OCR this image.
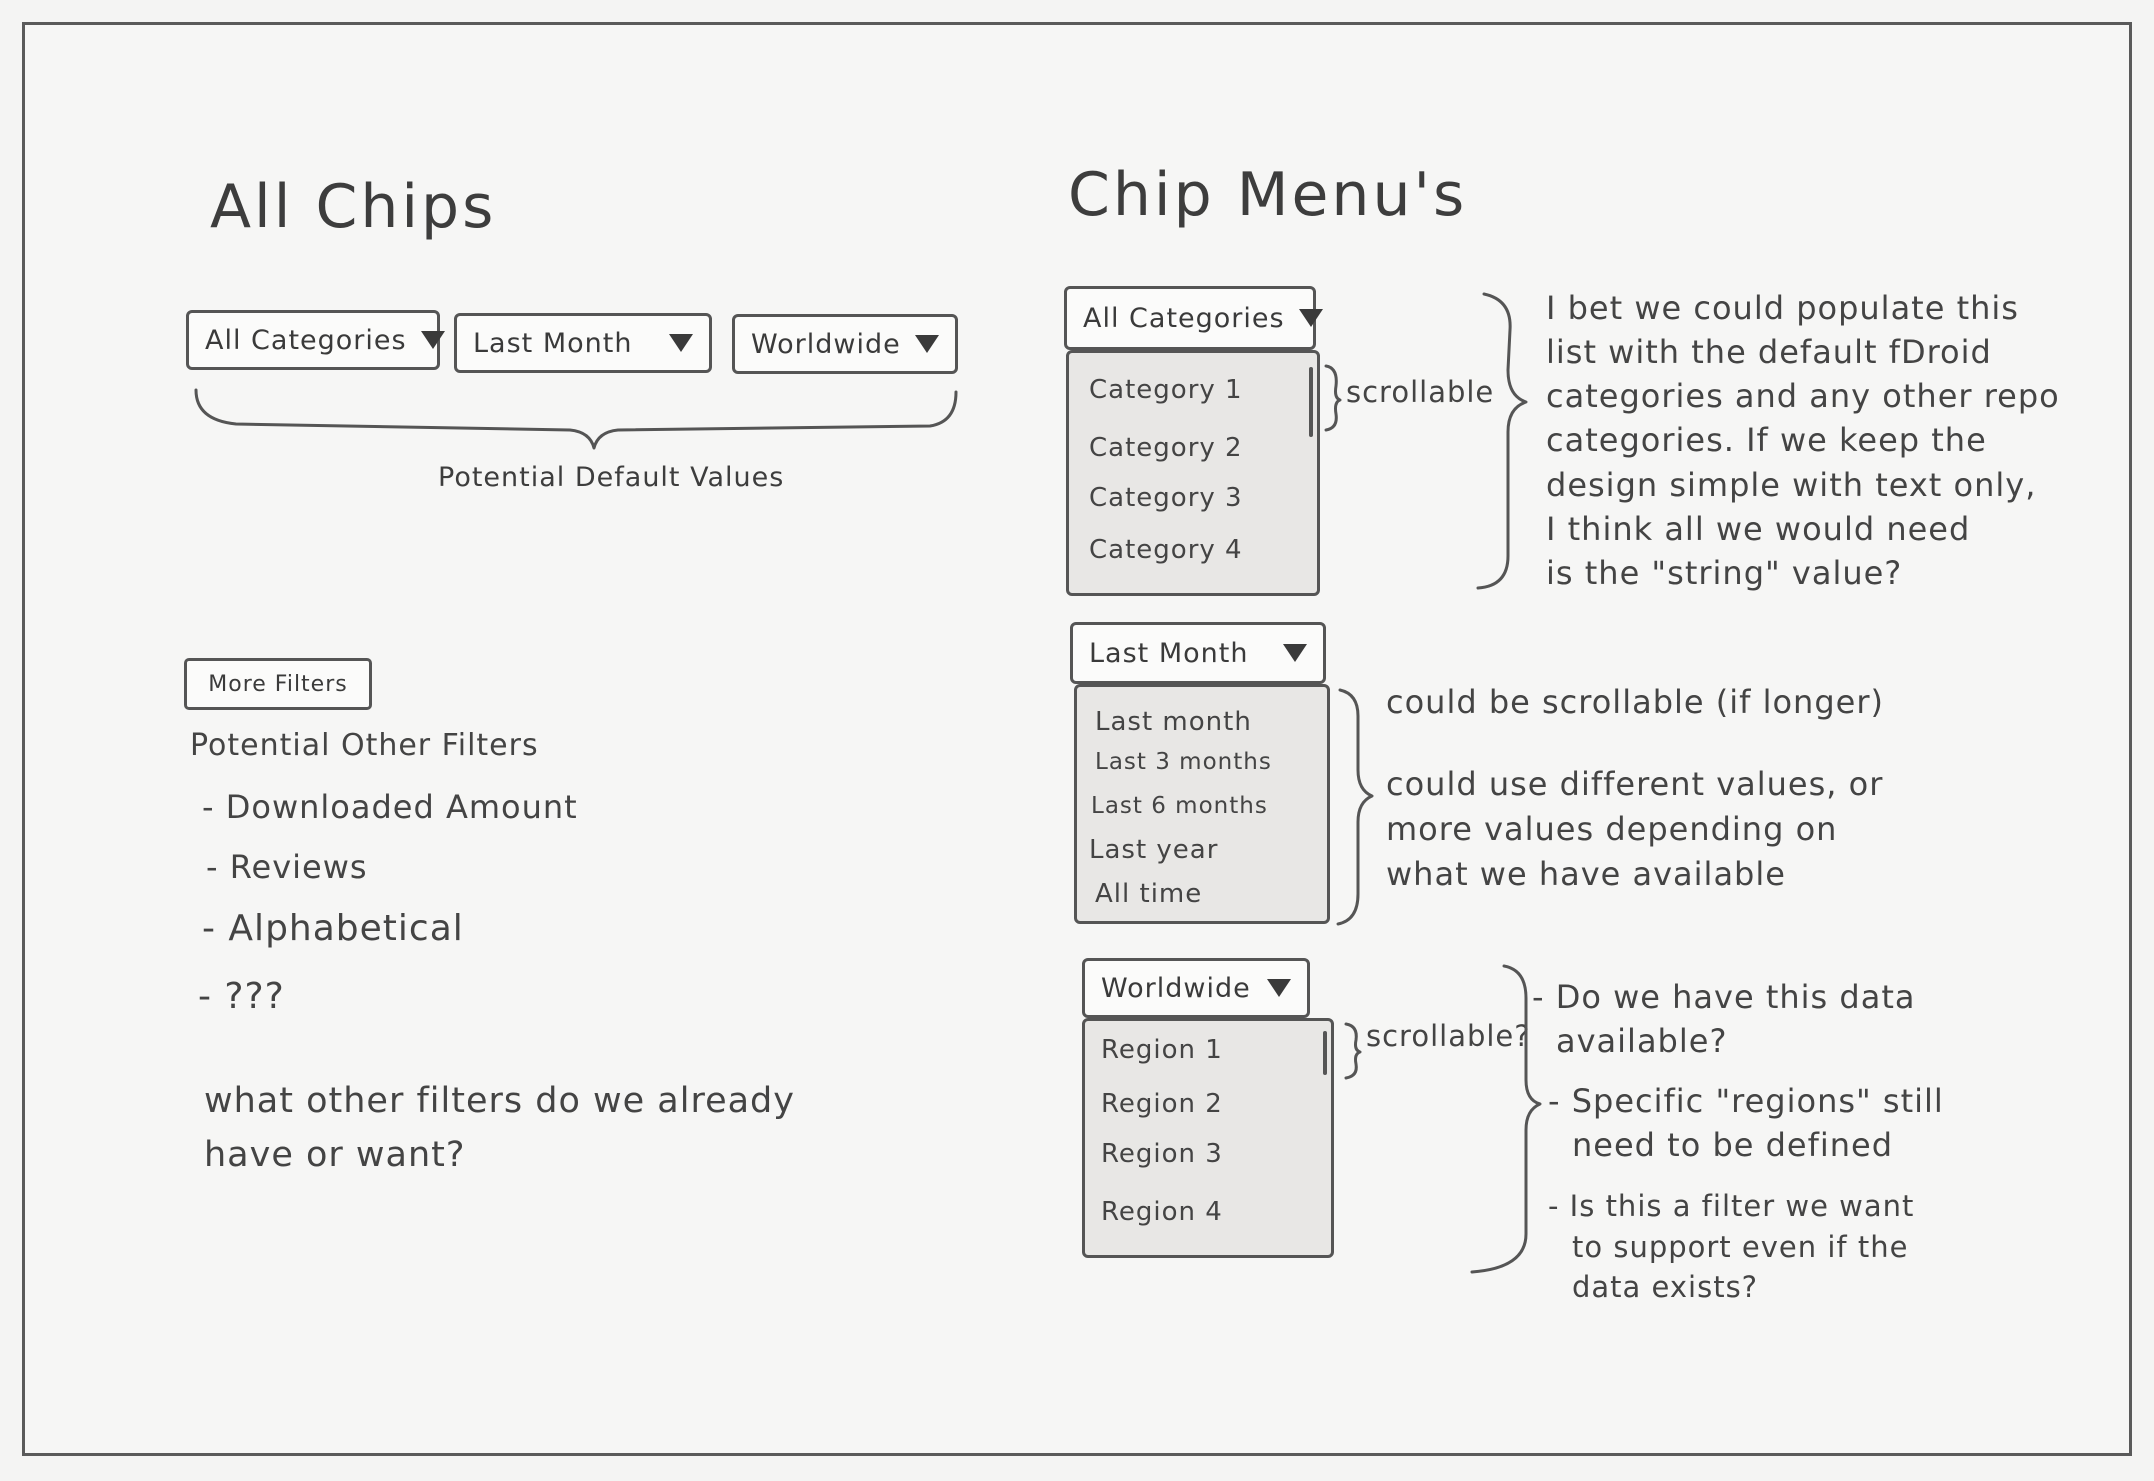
All Chips
All Categories Last Month	Worldwide
Potential Default Values
More Filters
Potential Other Filters
- Downloaded Amount
- Reviews
- Alphabetical
- ???
what other filters do we already
have or want?
Chip Menu's
All Categories
Category 1
Category 2
Category 3
Category 4
scrollable
I bet we could populate this
list with the default fDroid
categories and any other repo
categories. If we keep the
design simple with text only,
I think all we would need
is the "string" value?
Last Month
Last month
Last 3 months
Last 6 months
Last year
All time
could be scrollable (if longer)
could use different values, or
more values depending on
what we have available
Worldwide
Region 1
Region 2
Region 3
Region 4
scrollable?
- Do we have this data
available?
- Specific "regions" still
need to be defined
- Is this a filter we want
to support even if the
data exists?
